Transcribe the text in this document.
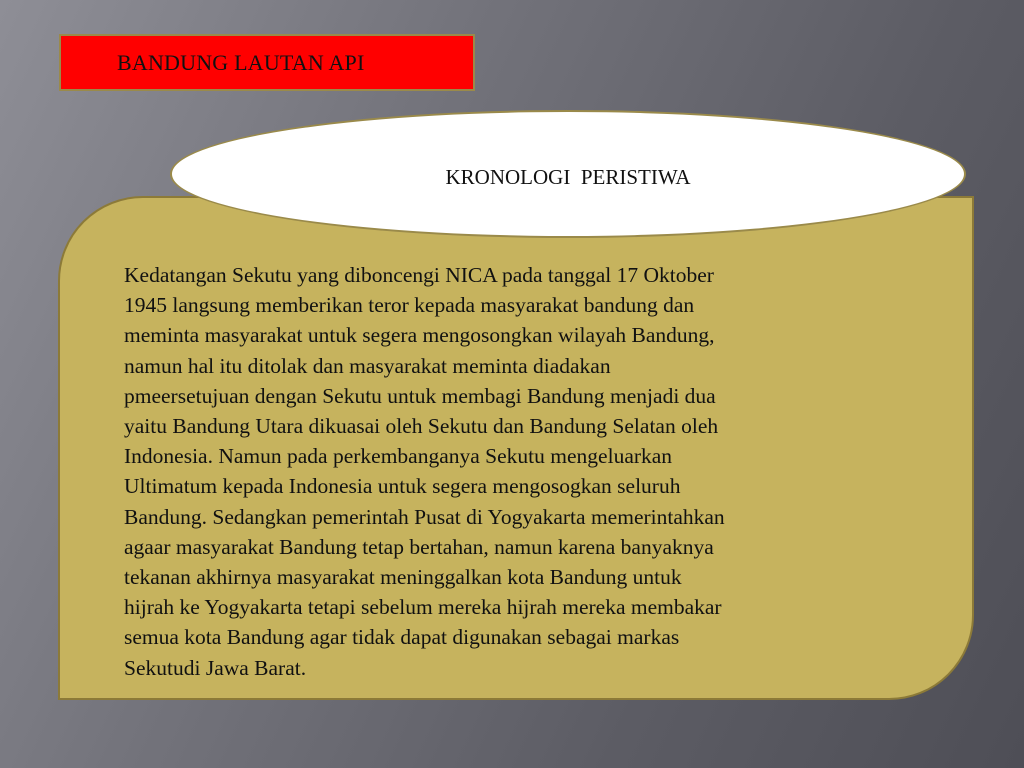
BANDUNG LAUTAN API

Kedatangan Sekutu yang diboncengi NICA pada tanggal 17 Oktober
1945 langsung memberikan teror kepada masyarakat bandung dan
meminta masyarakat untuk segera mengosongkan wilayah Bandung,
namun hal itu ditolak dan masyarakat meminta diadakan
pmeersetujuan dengan Sekutu untuk membagi Bandung menjadi dua
yaitu Bandung Utara dikuasai oleh Sekutu dan Bandung Selatan oleh
Indonesia. Namun pada perkembanganya Sekutu mengeluarkan
Ultimatum kepada Indonesia untuk segera mengosogkan seluruh
Bandung. Sedangkan pemerintah Pusat di Yogyakarta memerintahkan
agaar masyarakat Bandung tetap bertahan, namun karena banyaknya
tekanan akhirnya masyarakat meninggalkan kota Bandung untuk
hijrah ke Yogyakarta tetapi sebelum mereka hijrah mereka membakar
semua kota Bandung agar tidak dapat digunakan sebagai markas
Sekutudi Jawa Barat.

KRONOLOGI  PERISTIWA
